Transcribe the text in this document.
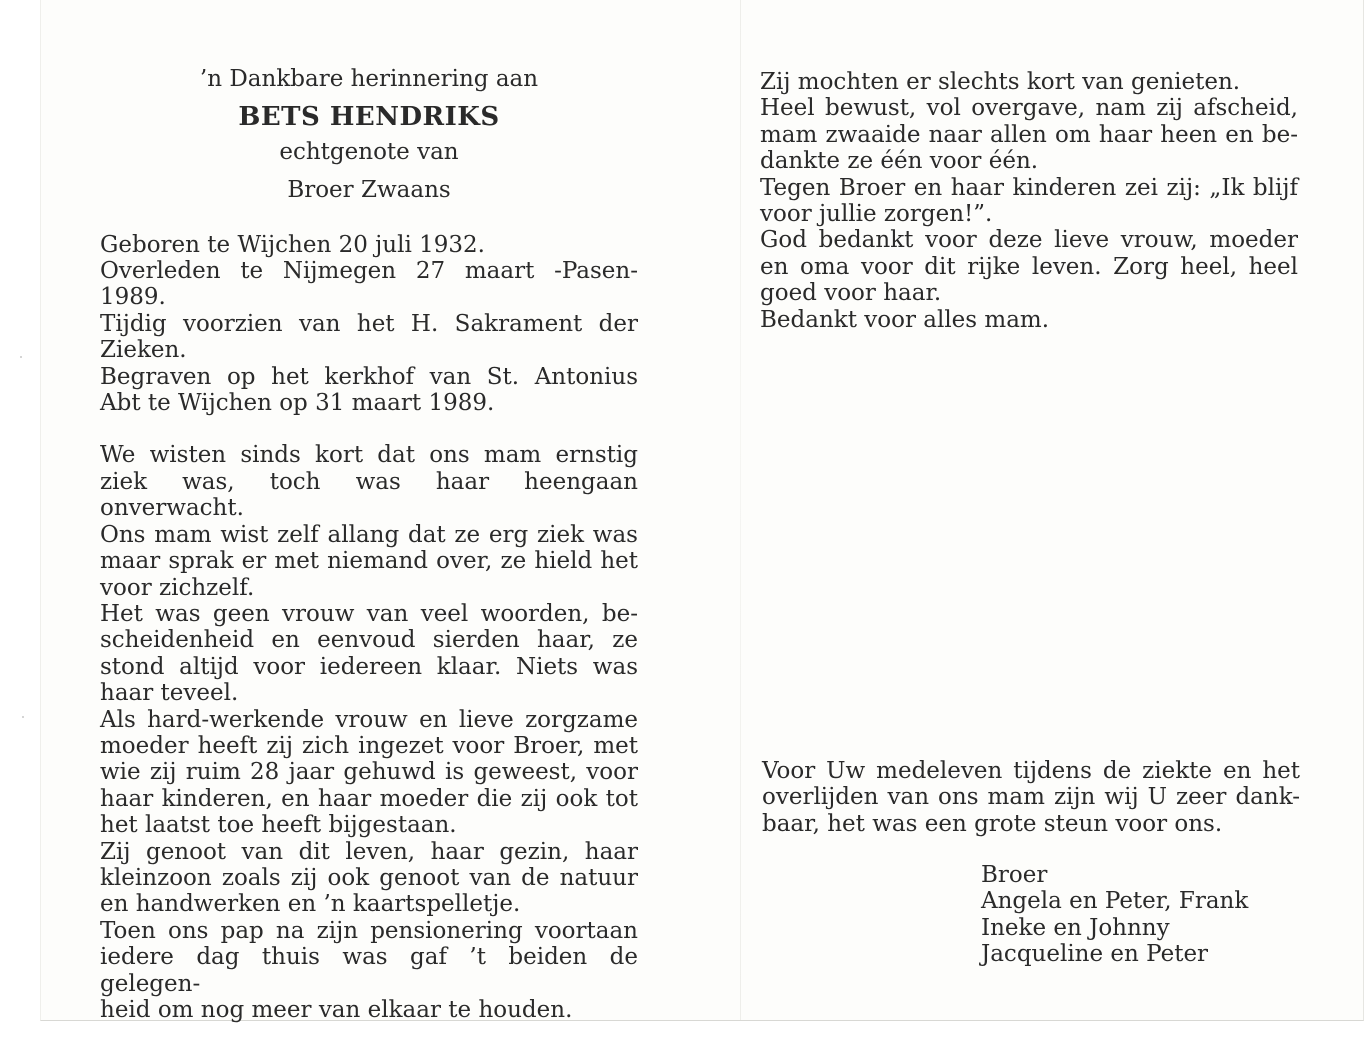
’n Dankbare herinnering aan
BETS HENDRIKS
echtgenote van
Broer Zwaans
Geboren te Wijchen 20 juli 1932.
Overleden te Nijmegen 27 maart -Pasen- 1989.
Tijdig voorzien van het H. Sakrament der
Zieken.
Begraven op het kerkhof van St. Antonius
Abt te Wijchen op 31 maart 1989.
We wisten sinds kort dat ons mam ernstig
ziek was, toch was haar heengaan onverwacht.
Ons mam wist zelf allang dat ze erg ziek was
maar sprak er met niemand over, ze hield het
voor zichzelf.
Het was geen vrouw van veel woorden, be-
scheidenheid en eenvoud sierden haar, ze
stond altijd voor iedereen klaar. Niets was
haar teveel.
Als hard-werkende vrouw en lieve zorgzame
moeder heeft zij zich ingezet voor Broer, met
wie zij ruim 28 jaar gehuwd is geweest, voor
haar kinderen, en haar moeder die zij ook tot
het laatst toe heeft bijgestaan.
Zij genoot van dit leven, haar gezin, haar
kleinzoon zoals zij ook genoot van de natuur
en handwerken en ’n kaartspelletje.
Toen ons pap na zijn pensionering voortaan
iedere dag thuis was gaf ’t beiden de gelegen-
heid om nog meer van elkaar te houden.
Zij mochten er slechts kort van genieten.
Heel bewust, vol overgave, nam zij afscheid,
mam zwaaide naar allen om haar heen en be-
dankte ze één voor één.
Tegen Broer en haar kinderen zei zij: „Ik blijf
voor jullie zorgen!”.
God bedankt voor deze lieve vrouw, moeder
en oma voor dit rijke leven. Zorg heel, heel
goed voor haar.
Bedankt voor alles mam.
Voor Uw medeleven tijdens de ziekte en het
overlijden van ons mam zijn wij U zeer dank-
baar, het was een grote steun voor ons.
Broer
Angela en Peter, Frank
Ineke en Johnny
Jacqueline en Peter
